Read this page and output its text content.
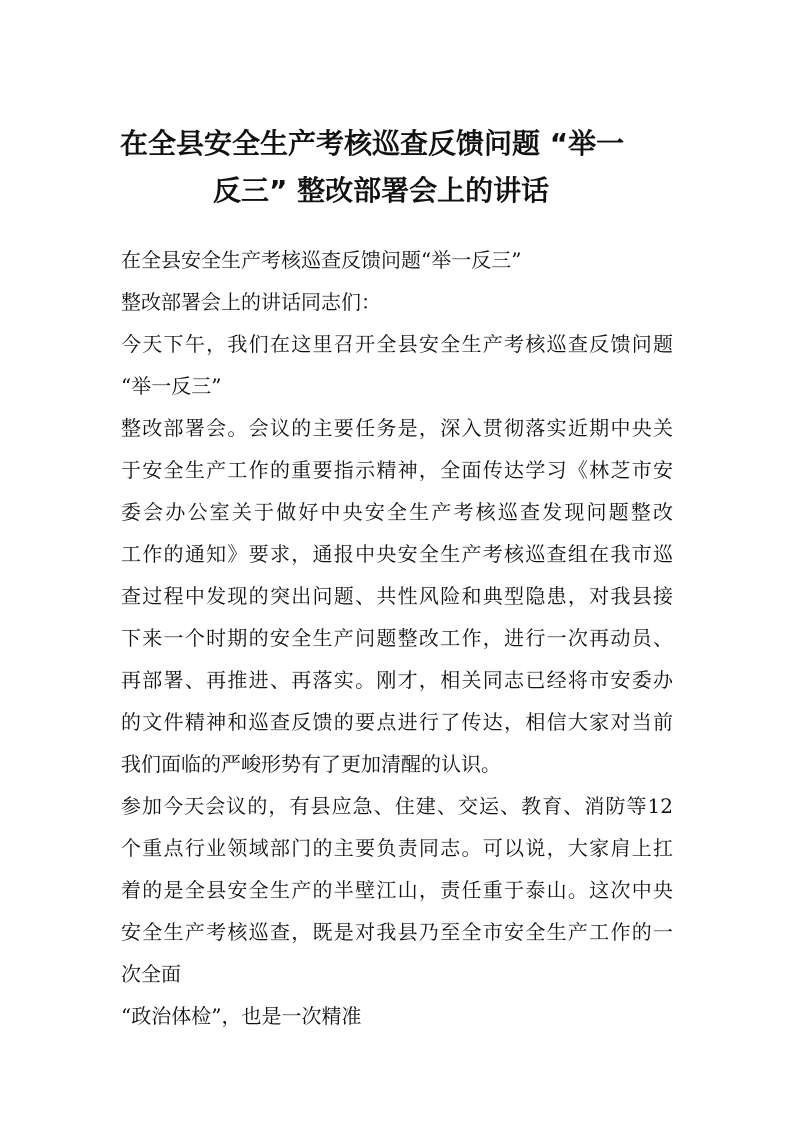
在全县安全生产考核巡查反馈问题 “举一
反三” 整改部署会上的讲话

在全县安全生产考核巡查反馈问题“举一反三”

整改部署会上的讲话同志们：

今天下午，我们在这里召开全县安全生产考核巡查反馈问题

“举一反三”

整改部署会。会议的主要任务是，深入贯彻落实近期中央关

于安全生产工作的重要指示精神，全面传达学习《林芝市安

委会办公室关于做好中央安全生产考核巡查发现问题整改

工作的通知》要求，通报中央安全生产考核巡查组在我市巡

查过程中发现的突出问题、共性风险和典型隐患，对我县接

下来一个时期的安全生产问题整改工作，进行一次再动员、

再部署、再推进、再落实。刚才，相关同志已经将市安委办

的文件精神和巡查反馈的要点进行了传达，相信大家对当前

我们面临的严峻形势有了更加清醒的认识。

参加今天会议的，有县应急、住建、交运、教育、消防等12

个重点行业领域部门的主要负责同志。可以说，大家肩上扛

着的是全县安全生产的半壁江山，责任重于泰山。这次中央

安全生产考核巡查，既是对我县乃至全市安全生产工作的一

次全面

“政治体检”，也是一次精准
